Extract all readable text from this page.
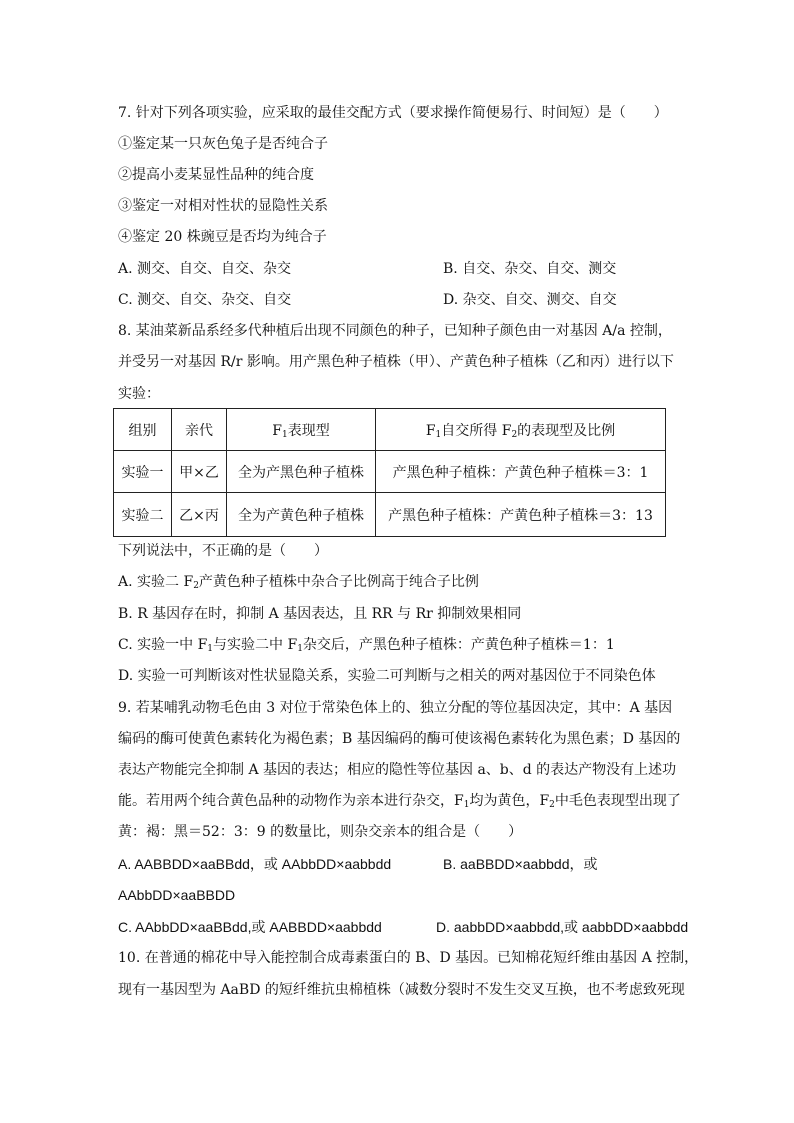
7. 针对下列各项实验，应采取的最佳交配方式（要求操作简便易行、时间短）是（　　）
①鉴定某一只灰色兔子是否纯合子
②提高小麦某显性品种的纯合度
③鉴定一对相对性状的显隐性关系
④鉴定 20 株豌豆是否均为纯合子
A. 测交、自交、自交、杂交	B. 自交、杂交、自交、测交
C. 测交、自交、杂交、自交	D. 杂交、自交、测交、自交
8. 某油菜新品系经多代种植后出现不同颜色的种子，已知种子颜色由一对基因 A/a 控制，
并受另一对基因 R/r 影响。用产黑色种子植株（甲）、产黄色种子植株（乙和丙）进行以下
实验：
组别	亲代	$F_1$表现型	$F_1$自交所得 $F_2$的表现型及比例
实验一	甲×乙	全为产黑色种子植株	产黑色种子植株：产黄色种子植株＝3：1
实验二	乙×丙	全为产黄色种子植株	产黑色种子植株：产黄色种子植株＝3：13
下列说法中，不正确的是（　　）
A. 实验二 $F_2$产黄色种子植株中杂合子比例高于纯合子比例
B. R 基因存在时，抑制 A 基因表达，且 RR 与 Rr 抑制效果相同
C. 实验一中 $F_1$与实验二中 $F_1$杂交后，产黑色种子植株：产黄色种子植株＝1：1
D. 实验一可判断该对性状显隐关系，实验二可判断与之相关的两对基因位于不同染色体
9. 若某哺乳动物毛色由 3 对位于常染色体上的、独立分配的等位基因决定，其中：A 基因
编码的酶可使黄色素转化为褐色素；B 基因编码的酶可使该褐色素转化为黑色素；D 基因的
表达产物能完全抑制 A 基因的表达；相应的隐性等位基因 a、b、d 的表达产物没有上述功
能。若用两个纯合黄色品种的动物作为亲本进行杂交，$F_1$均为黄色，$F_2$中毛色表现型出现了
黄：褐：黑＝52：3：9 的数量比，则杂交亲本的组合是（　　）
A. AABBDD×aaBBdd，或 AAbbDD×aabbdd	B. aaBBDD×aabbdd，或
AAbbDD×aaBBDD
C. AAbbDD×aaBBdd,或 AABBDD×aabbdd	D. aabbDD×aabbdd,或 aabbDD×aabbdd
10. 在普通的棉花中导入能控制合成毒素蛋白的 B、D 基因。已知棉花短纤维由基因 A 控制，
现有一基因型为 AaBD 的短纤维抗虫棉植株（减数分裂时不发生交叉互换，也不考虑致死现
